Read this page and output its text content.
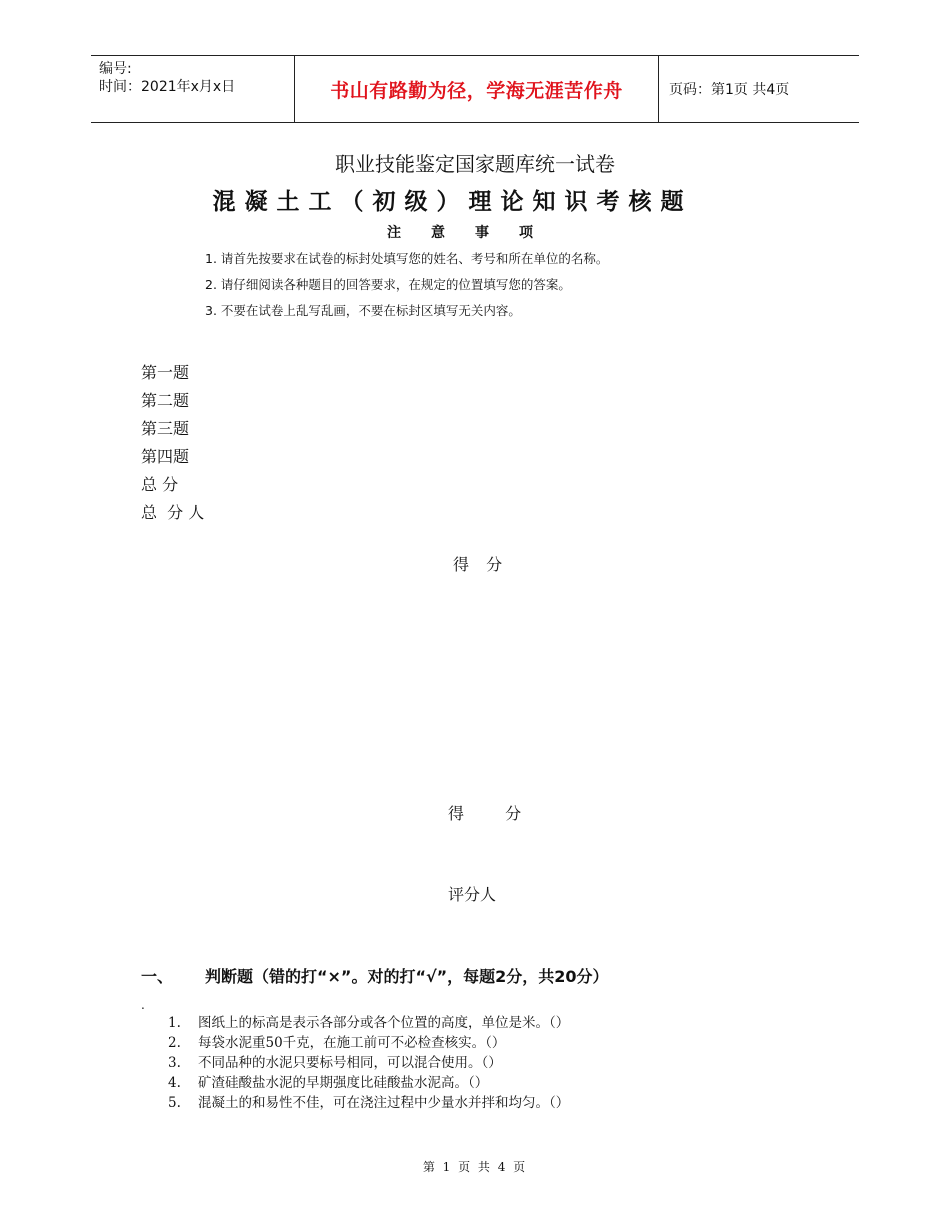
编号:
时间：2021年x月x日	书山有路勤为径，学海无涯苦作舟	页码：第1页 共4页
职业技能鉴定国家题库统一试卷
混凝土工（初级）理论知识考核题
注意事项
1. 请首先按要求在试卷的标封处填写您的姓名、考号和所在单位的名称。
2. 请仔细阅读各种题目的回答要求，在规定的位置填写您的答案。
3. 不要在试卷上乱写乱画，不要在标封区填写无关内容。
第一题
第二题
第三题
第四题
总 分
总  分 人
得 分
得 分
评分人
一、 判断题（错的打“×”。对的打“√”，每题2分，共20分）
.
1.	图纸上的标高是表示各部分或各个位置的高度，单位是米。（）
2.	每袋水泥重50千克，在施工前可不必检查核实。（）
3.	不同品种的水泥只要标号相同，可以混合使用。（）
4.	矿渣硅酸盐水泥的早期强度比硅酸盐水泥高。（）
5.	混凝土的和易性不佳，可在浇注过程中少量水并拌和均匀。（）
第 1 页 共 4 页
